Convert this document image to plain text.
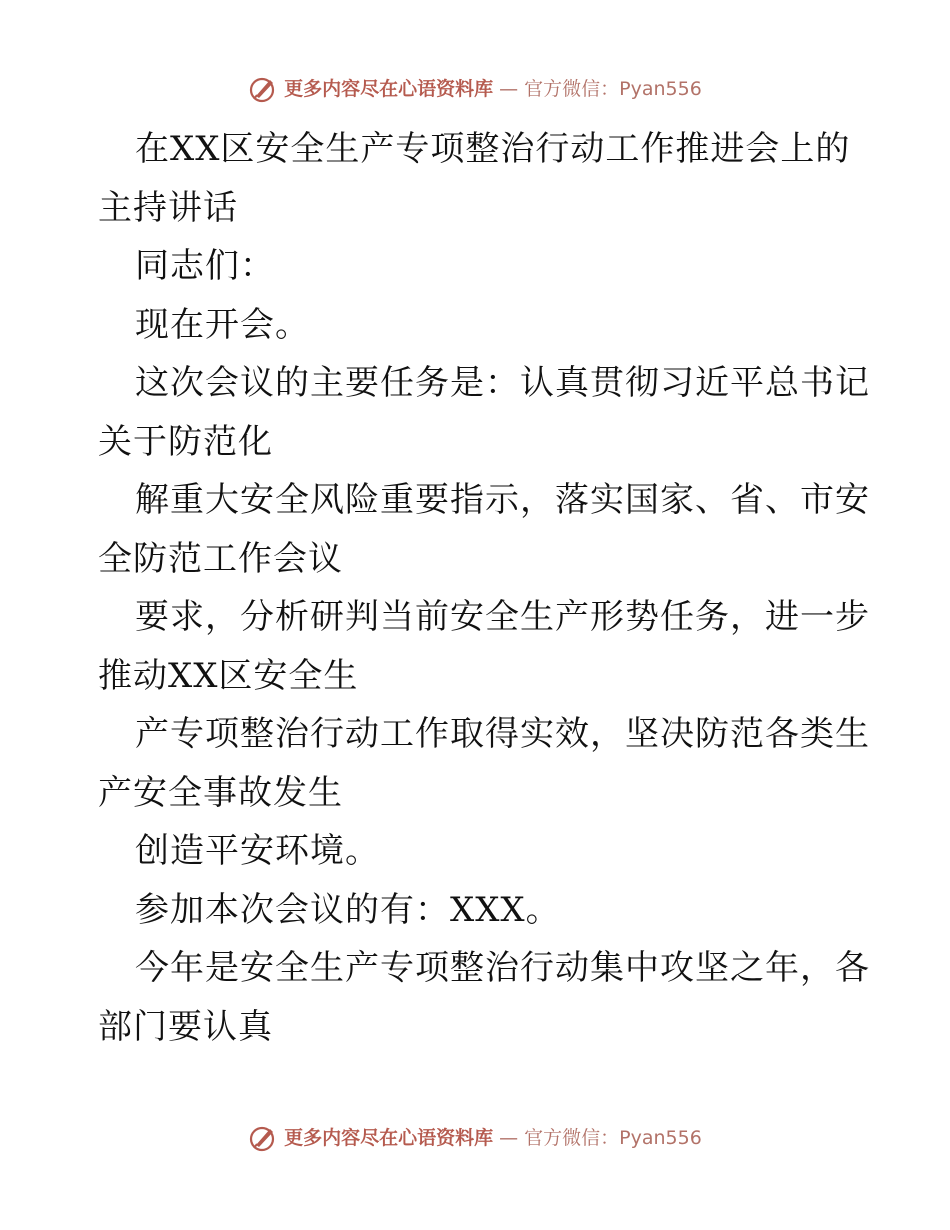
更多内容尽在心语资料库 — 官方微信：Pyan556
在XX区安全生产专项整治行动工作推进会上的
主持讲话
同志们：
现在开会。
这次会议的主要任务是：认真贯彻习近平总书记
关于防范化
解重大安全风险重要指示，落实国家、省、市安
全防范工作会议
要求，分析研判当前安全生产形势任务，进一步
推动XX区安全生
产专项整治行动工作取得实效，坚决防范各类生
产安全事故发生
创造平安环境。
参加本次会议的有：XXX。
今年是安全生产专项整治行动集中攻坚之年，各
部门要认真
更多内容尽在心语资料库 — 官方微信：Pyan556
